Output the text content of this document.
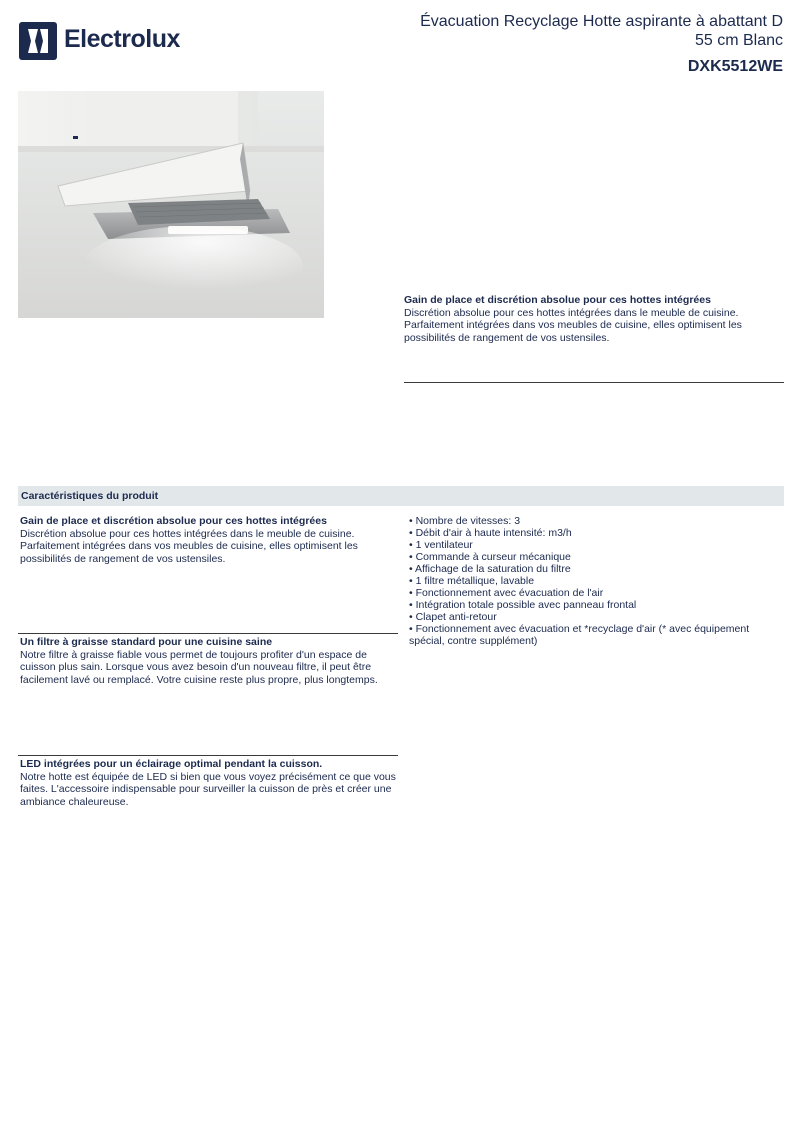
Electrolux
Évacuation Recyclage Hotte aspirante à abattant D 55 cm Blanc
DXK5512WE
Gain de place et discrétion absolue pour ces hottes intégrées
Discrétion absolue pour ces hottes intégrées dans le meuble de cuisine. Parfaitement intégrées dans vos meubles de cuisine, elles optimisent les possibilités de rangement de vos ustensiles.
Caractéristiques du produit
Gain de place et discrétion absolue pour ces hottes intégrées
Discrétion absolue pour ces hottes intégrées dans le meuble de cuisine. Parfaitement intégrées dans vos meubles de cuisine, elles optimisent les possibilités de rangement de vos ustensiles.
Un filtre à graisse standard pour une cuisine saine
Notre filtre à graisse fiable vous permet de toujours profiter d'un espace de cuisson plus sain. Lorsque vous avez besoin d'un nouveau filtre, il peut être facilement lavé ou remplacé. Votre cuisine reste plus propre, plus longtemps.
LED intégrées pour un éclairage optimal pendant la cuisson.
Notre hotte est équipée de LED si bien que vous voyez précisément ce que vous faites. L'accessoire indispensable pour surveiller la cuisson de près et créer une ambiance chaleureuse.
• Nombre de vitesses: 3
• Débit d'air à haute intensité: m3/h
• 1 ventilateur
• Commande à curseur mécanique
• Affichage de la saturation du filtre
• 1 filtre métallique, lavable
• Fonctionnement avec évacuation de l'air
• Intégration totale possible avec panneau frontal
• Clapet anti-retour
• Fonctionnement avec évacuation et *recyclage d'air (* avec équipement spécial, contre supplément)
